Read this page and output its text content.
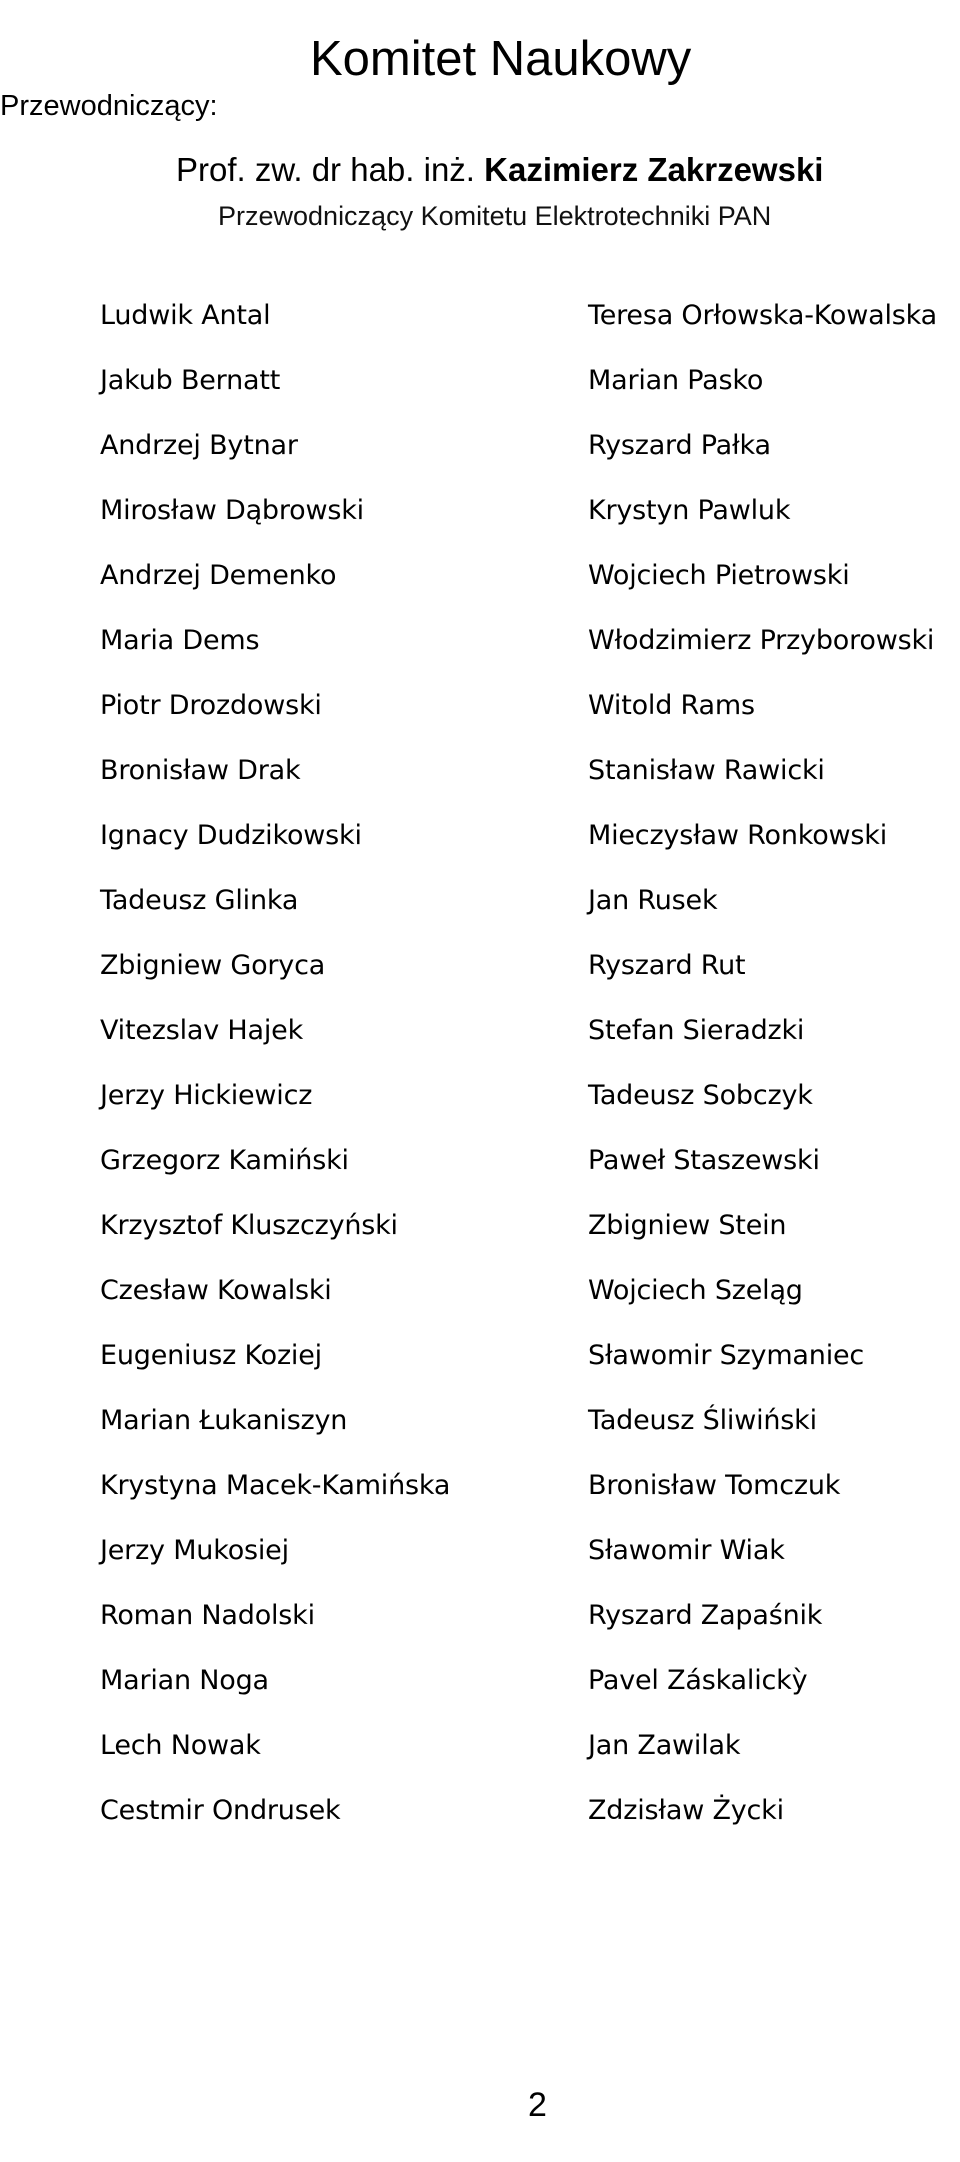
Komitet Naukowy
Przewodniczący:
Prof. zw. dr hab. inż. Kazimierz Zakrzewski
Przewodniczący Komitetu Elektrotechniki PAN
Ludwik Antal
Jakub Bernatt
Andrzej Bytnar
Mirosław Dąbrowski
Andrzej Demenko
Maria Dems
Piotr Drozdowski
Bronisław Drak
Ignacy Dudzikowski
Tadeusz Glinka
Zbigniew Goryca
Vitezslav Hajek
Jerzy Hickiewicz
Grzegorz Kamiński
Krzysztof Kluszczyński
Czesław Kowalski
Eugeniusz Koziej
Marian Łukaniszyn
Krystyna Macek-Kamińska
Jerzy Mukosiej
Roman Nadolski
Marian Noga
Lech Nowak
Cestmir Ondrusek
Teresa Orłowska-Kowalska
Marian Pasko
Ryszard Pałka
Krystyn Pawluk
Wojciech Pietrowski
Włodzimierz Przyborowski
Witold Rams
Stanisław Rawicki
Mieczysław Ronkowski
Jan Rusek
Ryszard Rut
Stefan Sieradzki
Tadeusz Sobczyk
Paweł Staszewski
Zbigniew Stein
Wojciech Szeląg
Sławomir Szymaniec
Tadeusz Śliwiński
Bronisław Tomczuk
Sławomir Wiak
Ryszard Zapaśnik
Pavel Záskalickỳ
Jan Zawilak
Zdzisław Życki
2
